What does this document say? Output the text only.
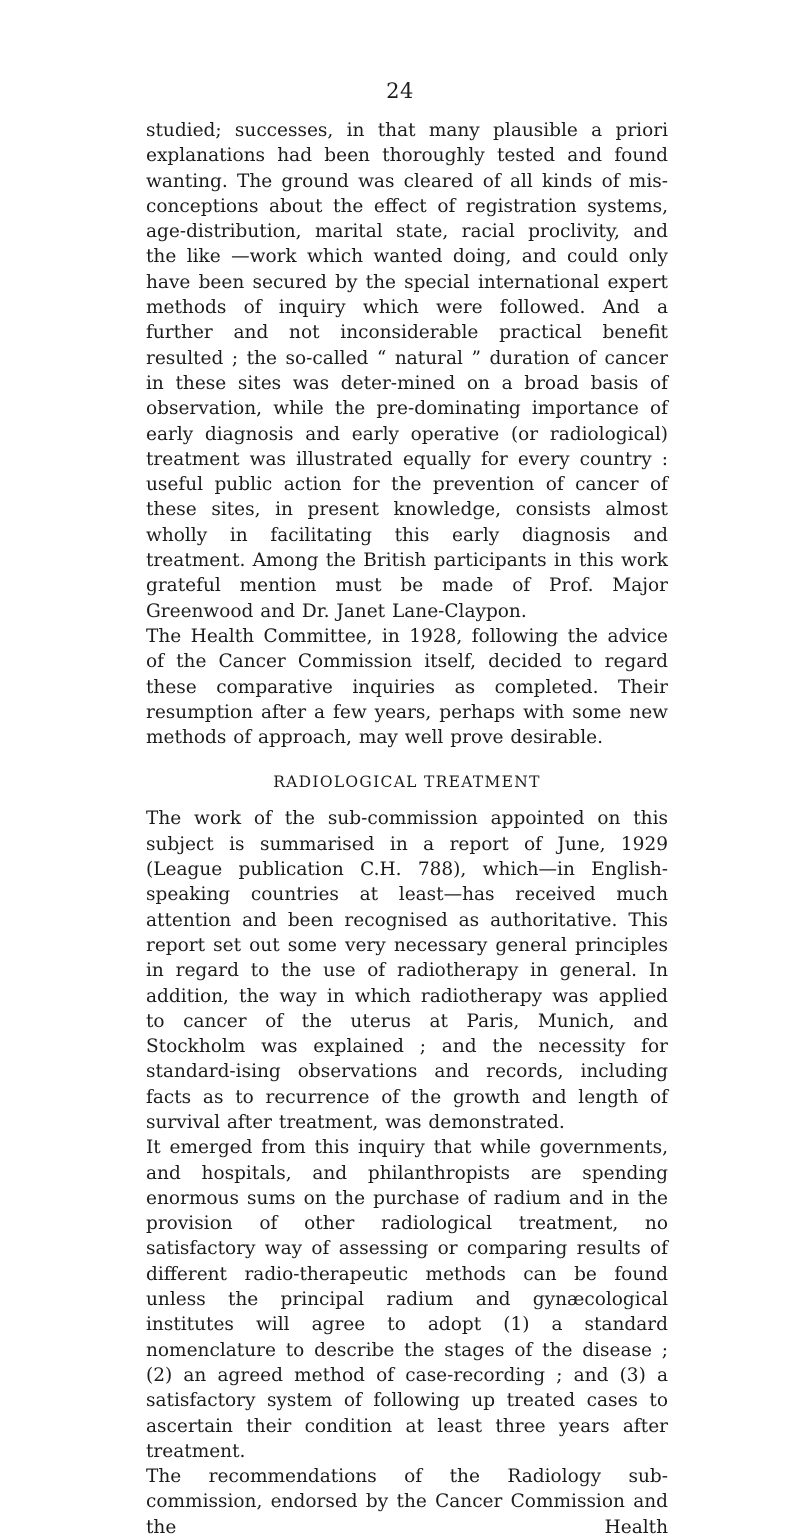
24

studied; successes, in that many plausible a priori explanations had been thoroughly tested and found wanting. The ground was cleared of all kinds of mis-conceptions about the effect of registration systems, age-distribution, marital state, racial proclivity, and the like —work which wanted doing, and could only have been secured by the special international expert methods of inquiry which were followed. And a further and not inconsiderable practical benefit resulted ; the so-called “ natural ” duration of cancer in these sites was deter-mined on a broad basis of observation, while the pre-dominating importance of early diagnosis and early operative (or radiological) treatment was illustrated equally for every country : useful public action for the prevention of cancer of these sites, in present knowledge, consists almost wholly in facilitating this early diagnosis and treatment. Among the British participants in this work grateful mention must be made of Prof. Major Greenwood and Dr. Janet Lane-Claypon.

The Health Committee, in 1928, following the advice of the Cancer Commission itself, decided to regard these comparative inquiries as completed. Their resumption after a few years, perhaps with some new methods of approach, may well prove desirable.

RADIOLOGICAL TREATMENT

The work of the sub-commission appointed on this subject is summarised in a report of June, 1929 (League publication C.H. 788), which—in English-speaking countries at least—has received much attention and been recognised as authoritative. This report set out some very necessary general principles in regard to the use of radiotherapy in general. In addition, the way in which radiotherapy was applied to cancer of the uterus at Paris, Munich, and Stockholm was explained ; and the necessity for standard-ising observations and records, including facts as to recurrence of the growth and length of survival after treatment, was demonstrated.

It emerged from this inquiry that while governments, and hospitals, and philanthropists are spending enormous sums on the purchase of radium and in the provision of other radiological treatment, no satisfactory way of assessing or comparing results of different radio-therapeutic methods can be found unless the principal radium and gynæcological institutes will agree to adopt (1) a standard nomenclature to describe the stages of the disease ; (2) an agreed method of case-recording ; and (3) a satisfactory system of following up treated cases to ascertain their condition at least three years after treatment.

The recommendations of the Radiology sub-commission, endorsed by the Cancer Commission and the Health
